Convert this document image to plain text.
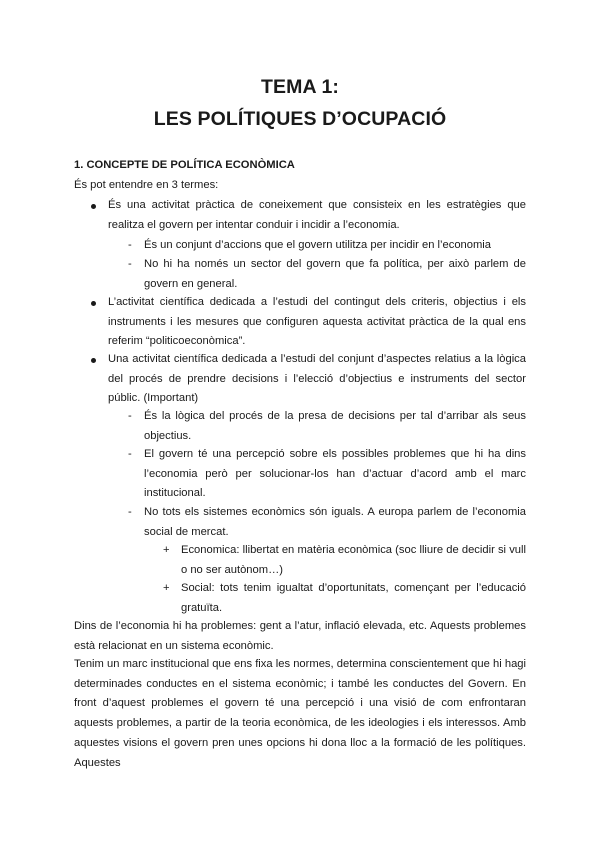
TEMA 1:
LES POLÍTIQUES D’OCUPACIÓ
1. CONCEPTE DE POLÍTICA ECONÒMICA
És pot entendre en 3 termes:
És una activitat pràctica de coneixement que consisteix en les estratègies que realitza el govern per intentar conduir i incidir a l’economia.
- És un conjunt d’accions que el govern utilitza per incidir en l’economia
- No hi ha només un sector del govern que fa política, per això parlem de govern en general.
L’activitat científica dedicada a l’estudi del contingut dels criteris, objectius i els instruments i les mesures que configuren aquesta activitat pràctica de la qual ens referim “politicoeconòmica”.
Una activitat científica dedicada a l’estudi del conjunt d’aspectes relatius a la lògica del procés de prendre decisions i l’elecció d’objectius e instruments del sector públic. (Important)
- És la lògica del procés de la presa de decisions per tal d’arribar als seus objectius.
- El govern té una percepció sobre els possibles problemes que hi ha dins l’economia però per solucionar-los han d’actuar d’acord amb el marc institucional.
- No tots els sistemes econòmics són iguals. A europa parlem de l’economia social de mercat.
+ Economica: llibertat en matèria econòmica (soc lliure de decidir si vull o no ser autònom…)
+ Social: tots tenim igualtat d’oportunitats, començant per l’educació gratuïta.
Dins de l’economia hi ha problemes: gent a l’atur, inflació elevada, etc. Aquests problemes està relacionat en un sistema econòmic.
Tenim un marc institucional que ens fixa les normes, determina conscientement que hi hagi determinades conductes en el sistema econòmic; i també les conductes del Govern. En front d’aquest problemes el govern té una percepció i una visió de com enfrontaran aquests problemes, a partir de la teoria econòmica, de les ideologies i els interessos. Amb aquestes visions el govern pren unes opcions hi dona lloc a la formació de les polítiques. Aquestes
